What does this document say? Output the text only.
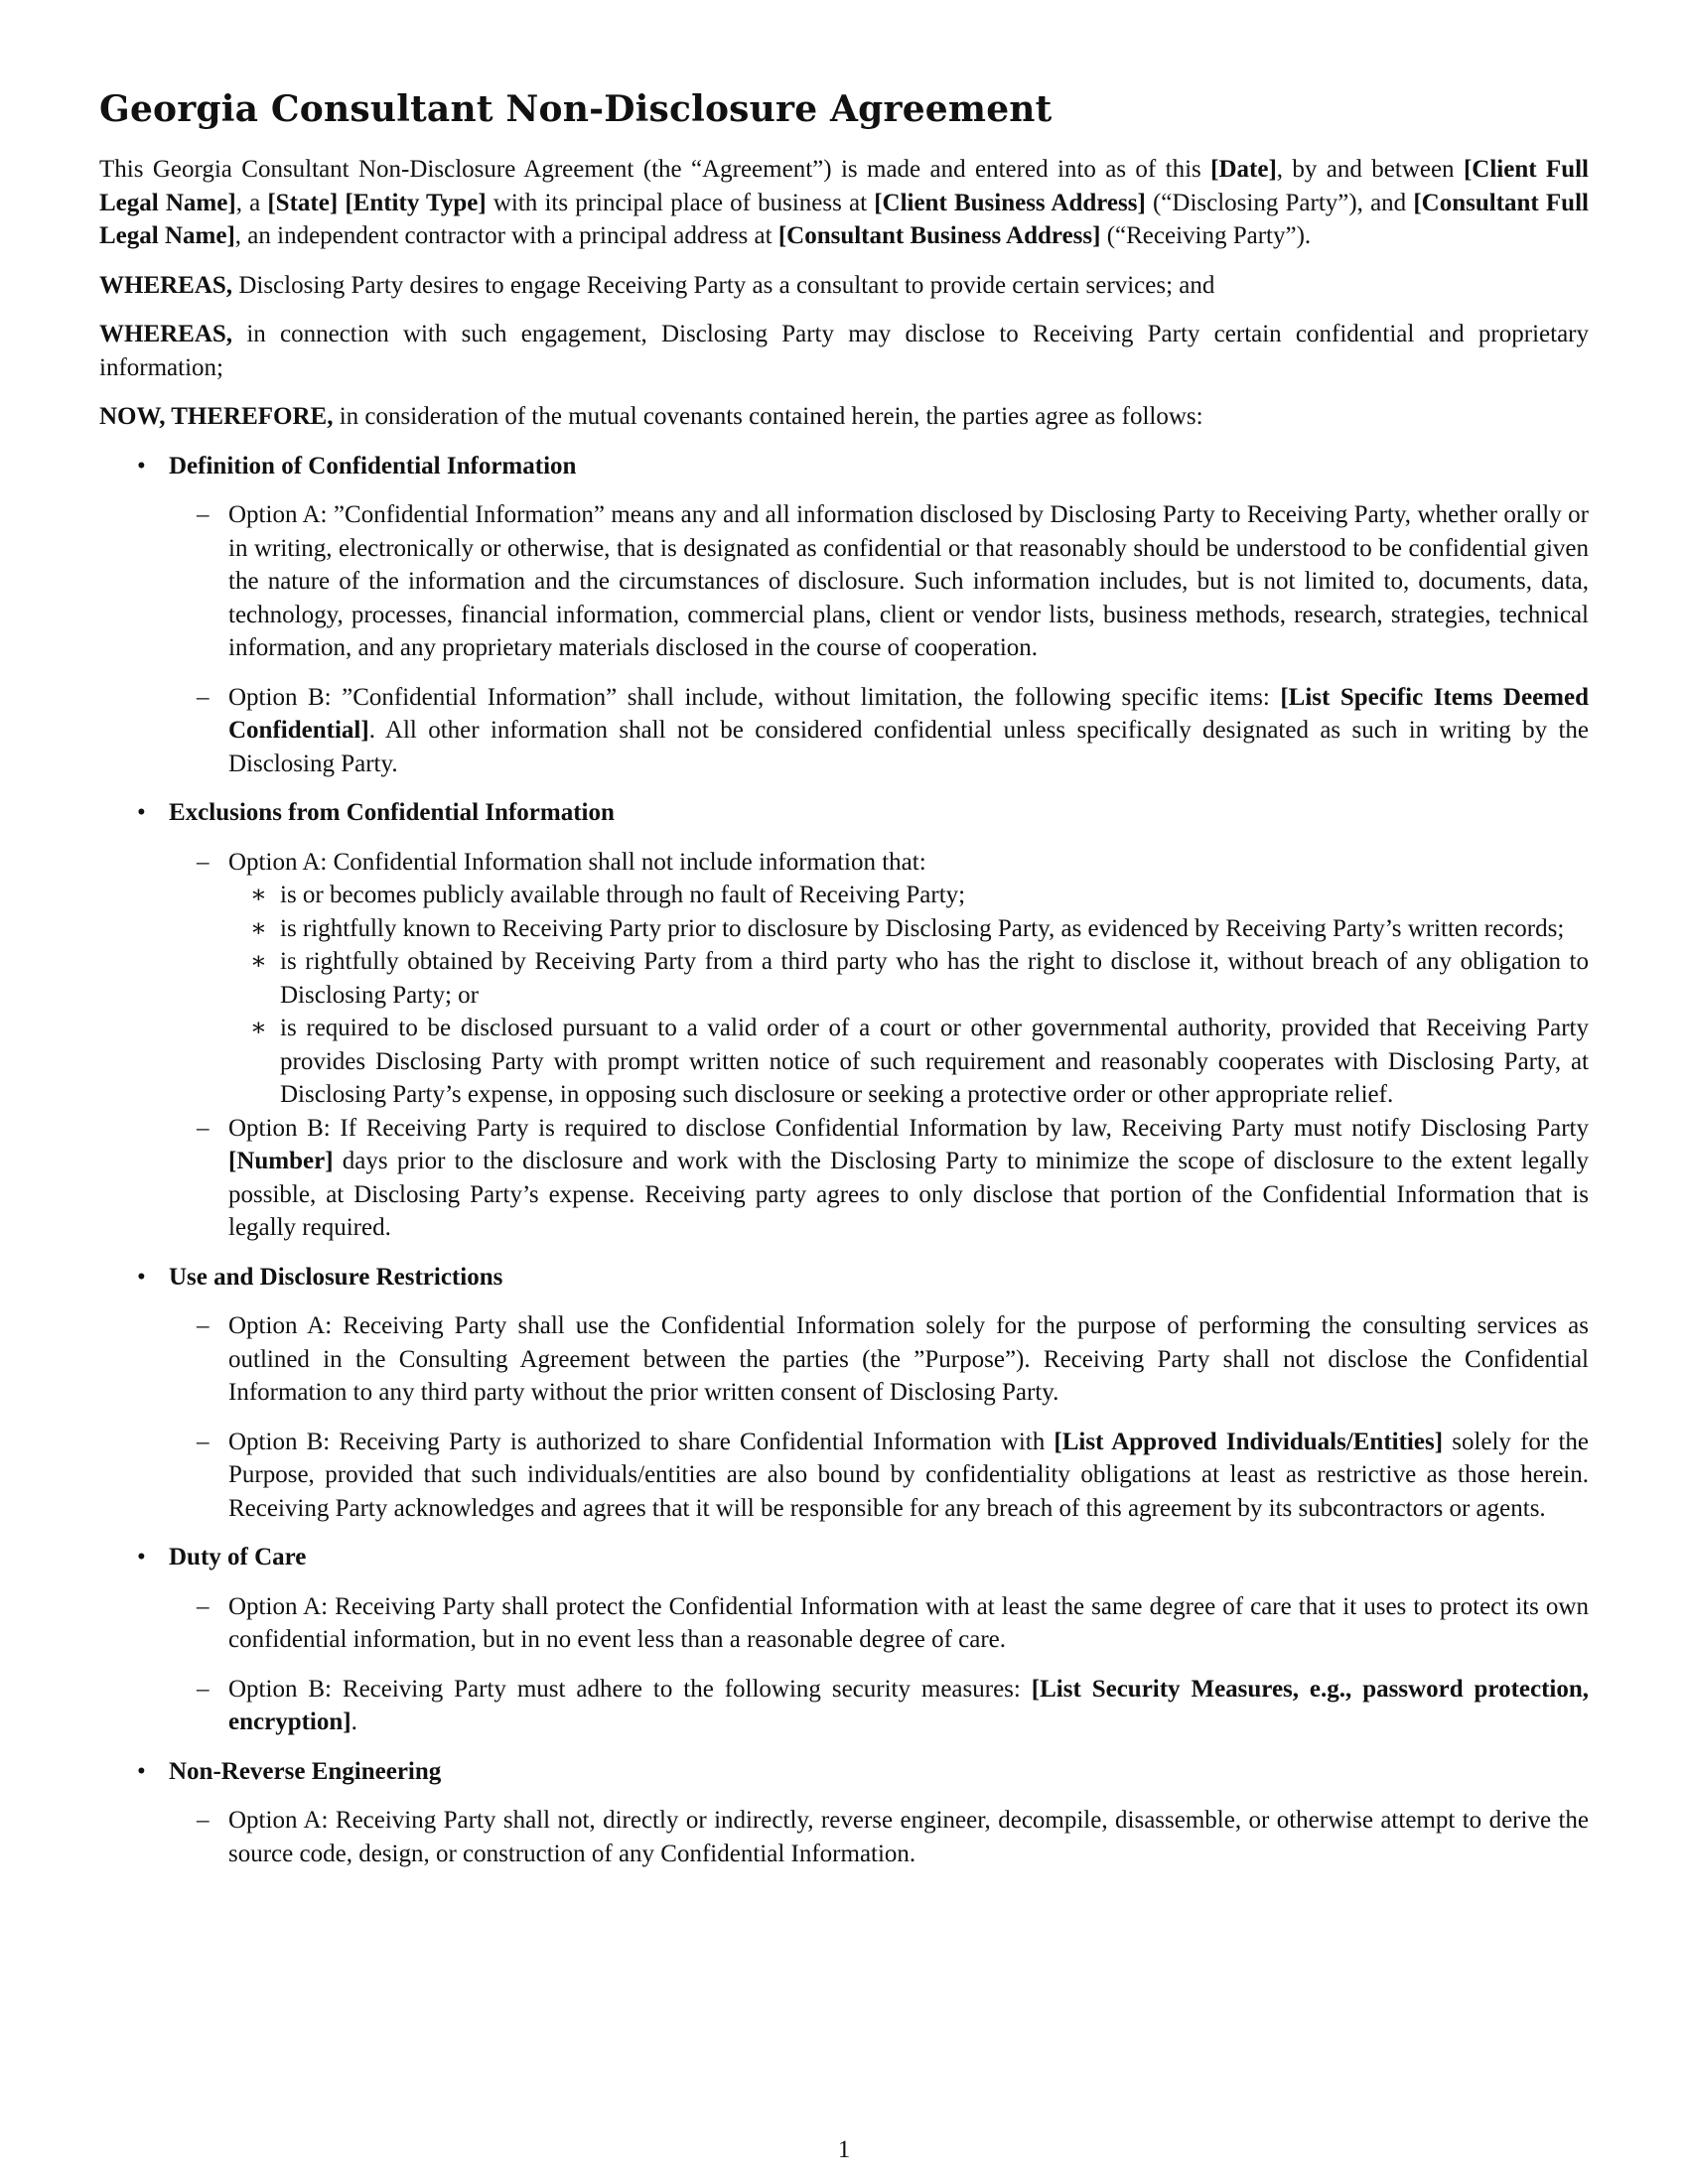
Georgia Consultant Non-Disclosure Agreement

This Georgia Consultant Non-Disclosure Agreement (the “Agreement”) is made and entered into as of this [Date], by and between [Client Full Legal Name], a [State] [Entity Type] with its principal place of business at [Client Business Address] (“Disclosing Party”), and [Consultant Full Legal Name], an independent contractor with a principal address at [Consultant Business Address] (“Receiving Party”).

WHEREAS, Disclosing Party desires to engage Receiving Party as a consultant to provide certain services; and

WHEREAS, in connection with such engagement, Disclosing Party may disclose to Receiving Party certain confidential and proprietary information;

NOW, THEREFORE, in consideration of the mutual covenants contained herein, the parties agree as follows:

• Definition of Confidential Information
– Option A: ”Confidential Information” means any and all information disclosed by Disclosing Party to Receiving Party, whether orally or in writing, electronically or otherwise, that is designated as confidential or that reasonably should be understood to be confidential given the nature of the information and the circumstances of disclosure. Such information includes, but is not limited to, documents, data, technology, processes, financial information, commercial plans, client or vendor lists, business methods, research, strategies, technical information, and any proprietary materials disclosed in the course of cooperation.
– Option B: ”Confidential Information” shall include, without limitation, the following specific items: [List Specific Items Deemed Confidential]. All other information shall not be considered confidential unless specifically designated as such in writing by the Disclosing Party.
• Exclusions from Confidential Information
– Option A: Confidential Information shall not include information that:
∗ is or becomes publicly available through no fault of Receiving Party;
∗ is rightfully known to Receiving Party prior to disclosure by Disclosing Party, as evidenced by Receiving Party’s written records;
∗ is rightfully obtained by Receiving Party from a third party who has the right to disclose it, without breach of any obligation to Disclosing Party; or
∗ is required to be disclosed pursuant to a valid order of a court or other governmental authority, provided that Receiving Party provides Disclosing Party with prompt written notice of such requirement and reasonably cooperates with Disclosing Party, at Disclosing Party’s expense, in opposing such disclosure or seeking a protective order or other appropriate relief.
– Option B: If Receiving Party is required to disclose Confidential Information by law, Receiving Party must notify Disclosing Party [Number] days prior to the disclosure and work with the Disclosing Party to minimize the scope of disclosure to the extent legally possible, at Disclosing Party’s expense. Receiving party agrees to only disclose that portion of the Confidential Information that is legally required.
• Use and Disclosure Restrictions
– Option A: Receiving Party shall use the Confidential Information solely for the purpose of performing the consulting services as outlined in the Consulting Agreement between the parties (the ”Purpose”). Receiving Party shall not disclose the Confidential Information to any third party without the prior written consent of Disclosing Party.
– Option B: Receiving Party is authorized to share Confidential Information with [List Approved Individuals/Entities] solely for the Purpose, provided that such individuals/entities are also bound by confidentiality obligations at least as restrictive as those herein. Receiving Party acknowledges and agrees that it will be responsible for any breach of this agreement by its subcontractors or agents.
• Duty of Care
– Option A: Receiving Party shall protect the Confidential Information with at least the same degree of care that it uses to protect its own confidential information, but in no event less than a reasonable degree of care.
– Option B: Receiving Party must adhere to the following security measures: [List Security Measures, e.g., password protection, encryption].
• Non-Reverse Engineering
– Option A: Receiving Party shall not, directly or indirectly, reverse engineer, decompile, disassemble, or otherwise attempt to derive the source code, design, or construction of any Confidential Information.
1
